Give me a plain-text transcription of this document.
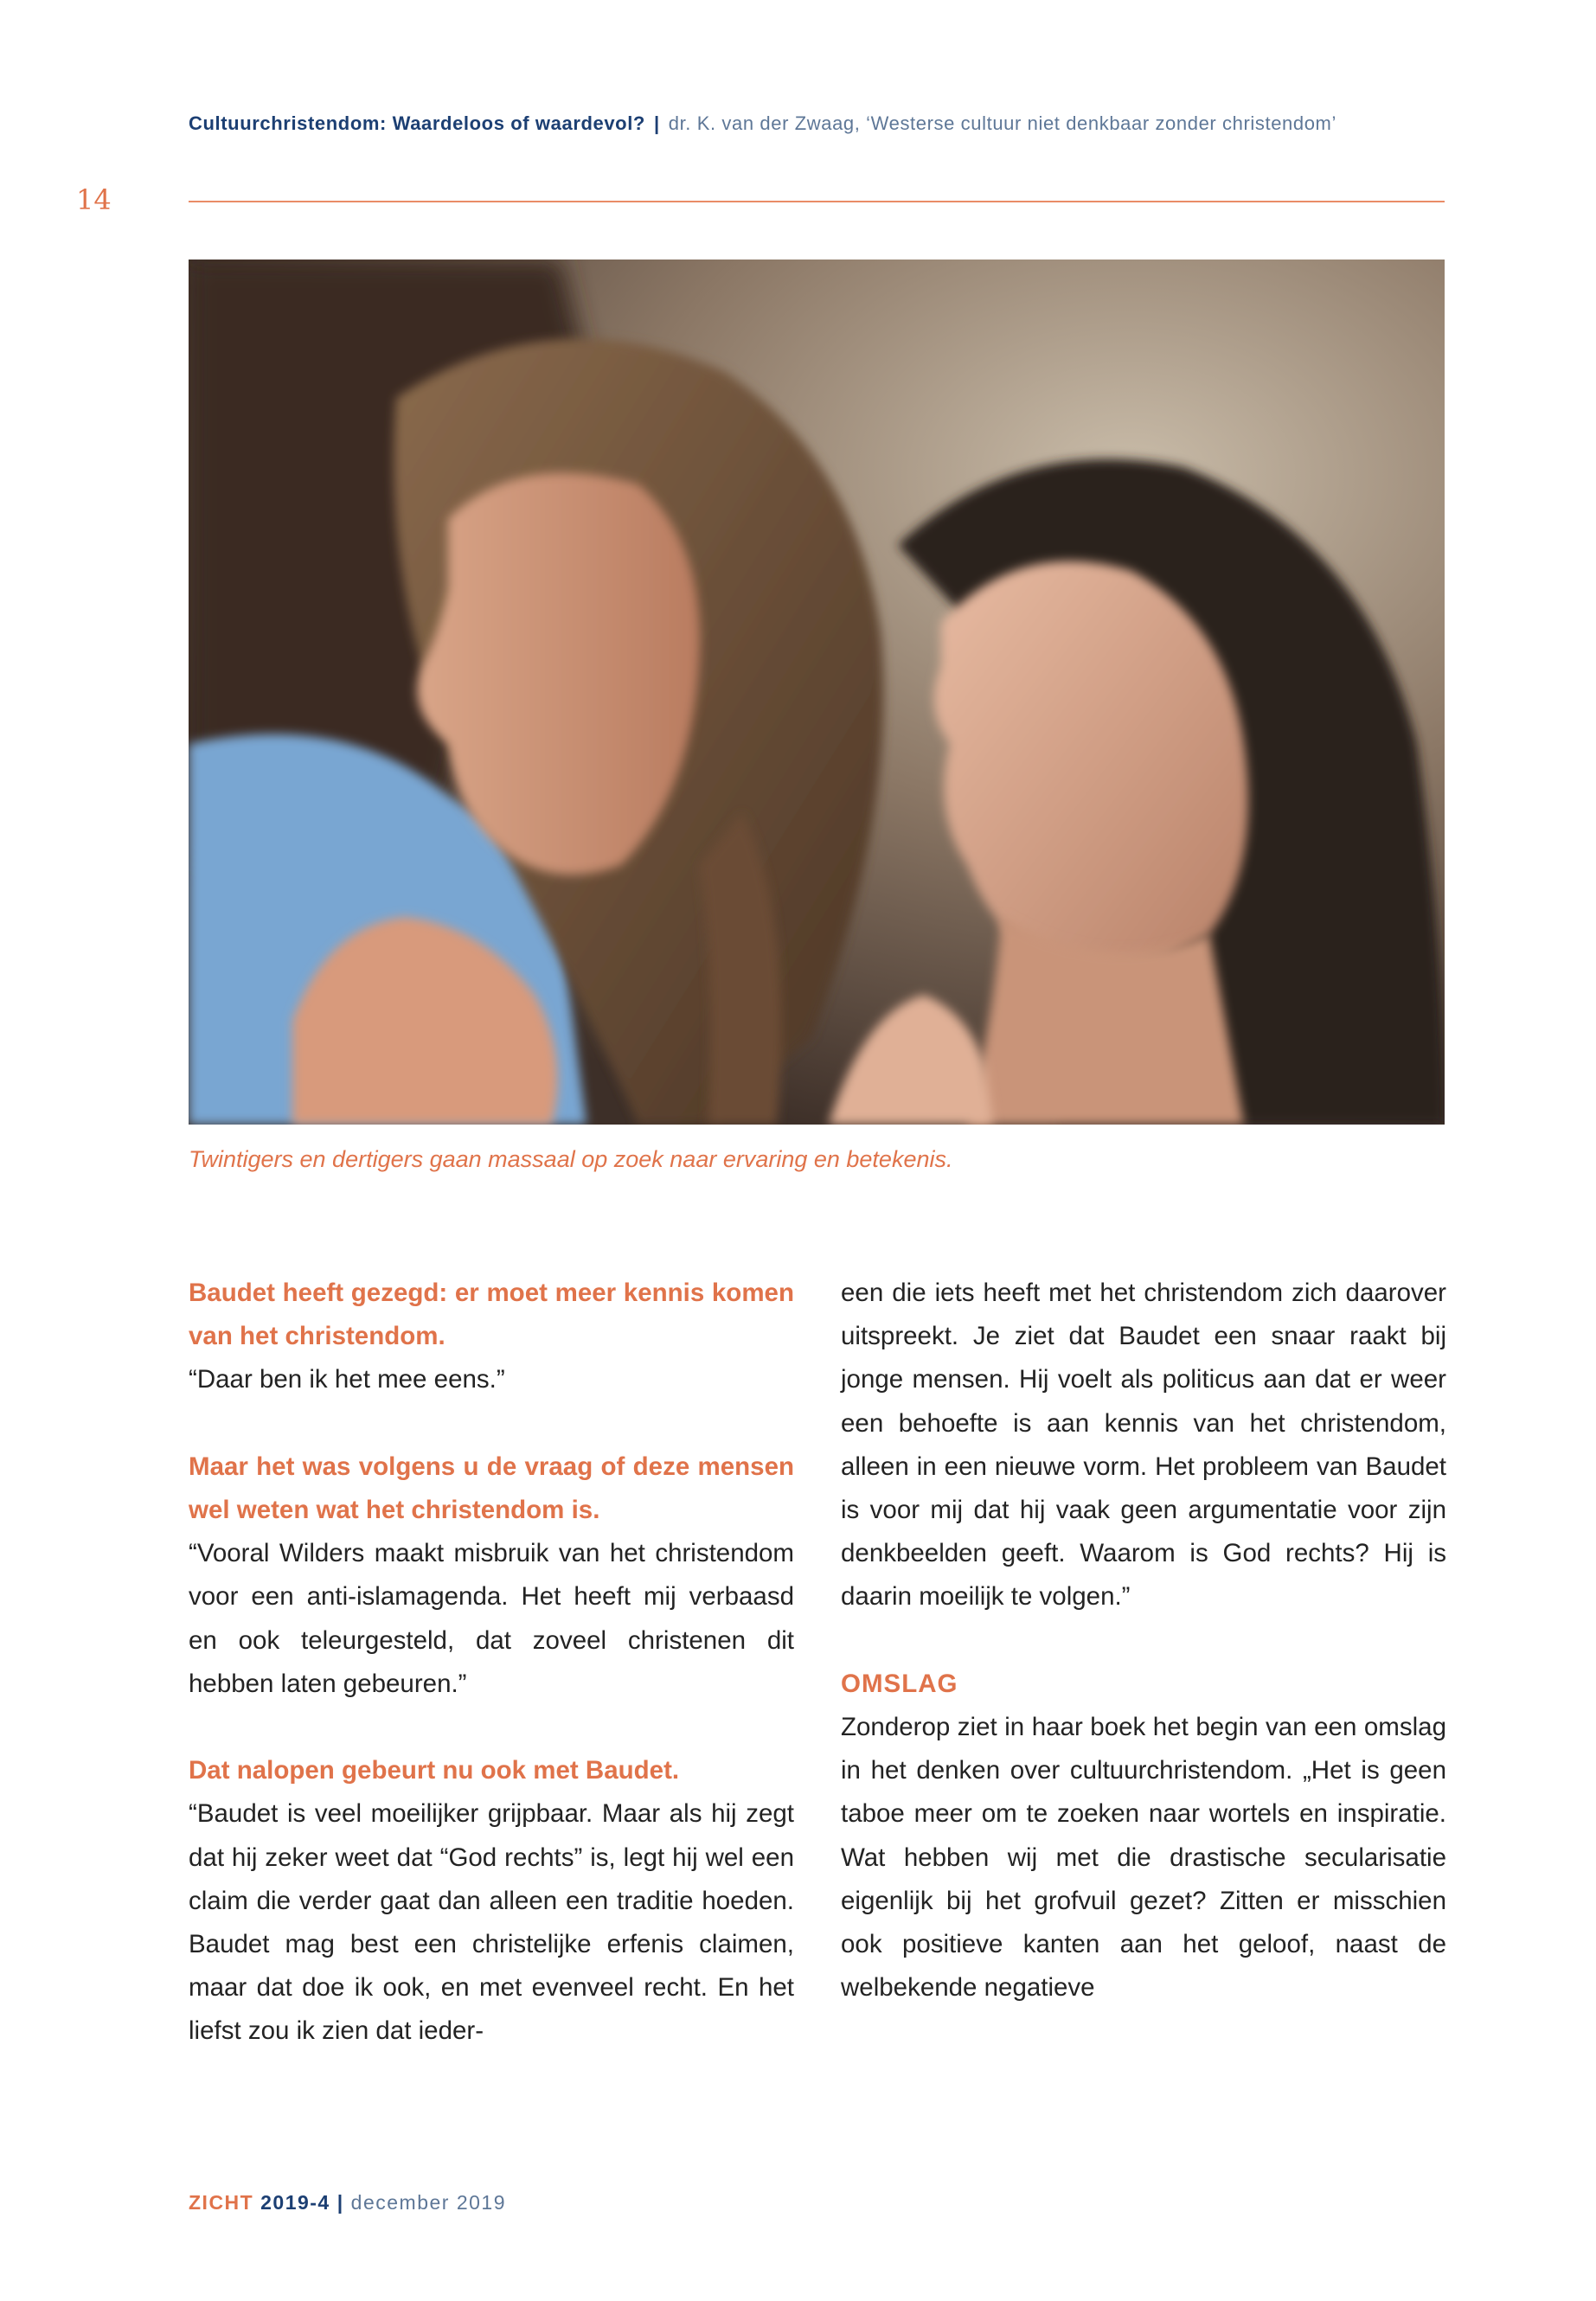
Cultuurchristendom: Waardeloos of waardevol? | dr. K. van der Zwaag, ‘Westerse cultuur niet denkbaar zonder christendom’
14
Twintigers en dertigers gaan massaal op zoek naar ervaring en betekenis.

Baudet heeft gezegd: er moet meer kennis komen van het christendom.

“Daar ben ik het mee eens.”

Maar het was volgens u de vraag of deze mensen wel weten wat het christendom is.

“Vooral Wilders maakt misbruik van het christendom voor een anti-islamagenda. Het heeft mij verbaasd en ook teleurgesteld, dat zoveel christenen dit hebben laten gebeuren.”

Dat nalopen gebeurt nu ook met Baudet.

“Baudet is veel moeilijker grijpbaar. Maar als hij zegt dat hij zeker weet dat “God rechts” is, legt hij wel een claim die verder gaat dan alleen een traditie hoeden. Baudet mag best een christelijke erfenis claimen, maar dat doe ik ook, en met evenveel recht. En het liefst zou ik zien dat ieder-

een die iets heeft met het christendom zich daarover uitspreekt. Je ziet dat Baudet een snaar raakt bij jonge mensen. Hij voelt als politicus aan dat er weer een behoefte is aan kennis van het christendom, alleen in een nieuwe vorm. Het probleem van Baudet is voor mij dat hij vaak geen argumentatie voor zijn denkbeelden geeft. Waarom is God rechts? Hij is daarin moeilijk te volgen.”

OMSLAG

Zonderop ziet in haar boek het begin van een omslag in het denken over cultuurchristendom. „Het is geen taboe meer om te zoeken naar wortels en inspiratie. Wat hebben wij met die drastische secularisatie eigenlijk bij het grofvuil gezet? Zitten er misschien ook positieve kanten aan het geloof, naast de welbekende negatieve

ZICHT 2019-4 | december 2019
